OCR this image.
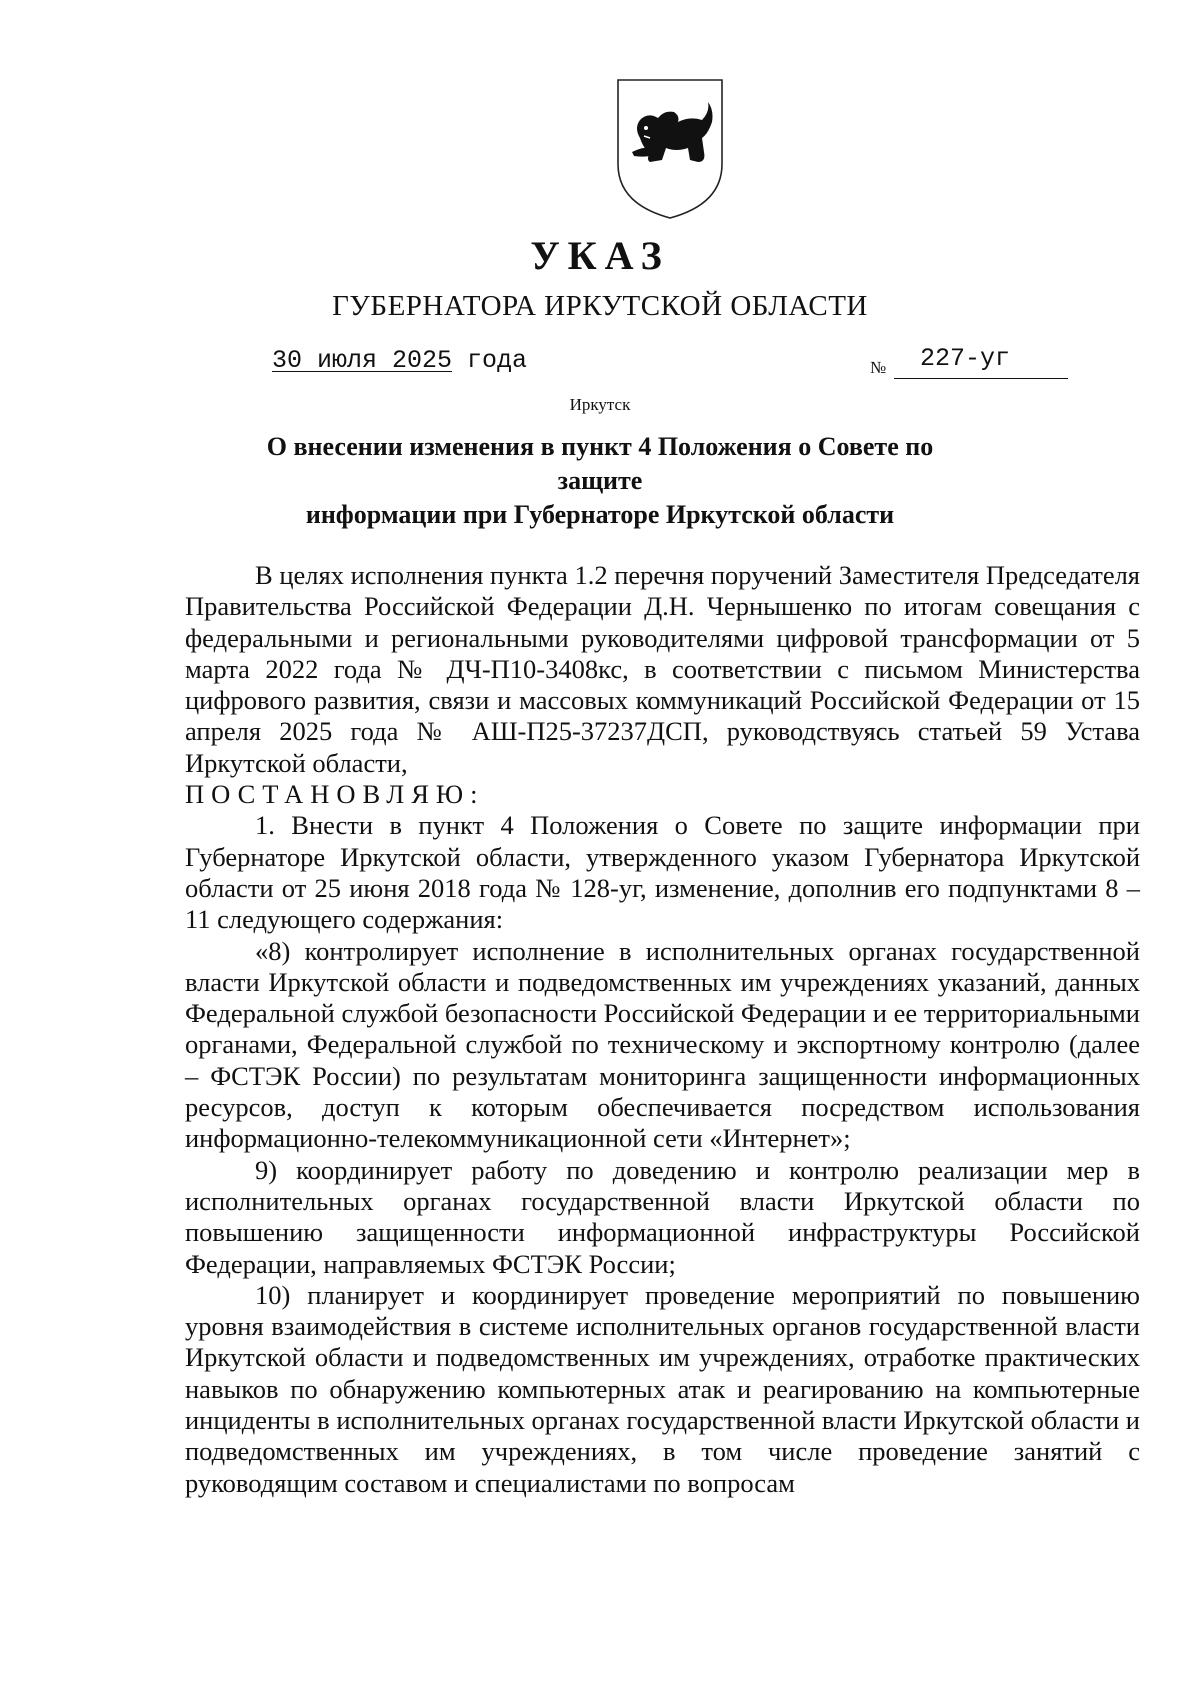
УКАЗ
ГУБЕРНАТОРА ИРКУТСКОЙ ОБЛАСТИ
30 июля 2025 года	№ 227-уг
Иркутск
О внесении изменения в пункт 4 Положения о Совете по защите
информации при Губернаторе Иркутской области

В целях исполнения пункта 1.2 перечня поручений Заместителя Председателя Правительства Российской Федерации Д.Н. Чернышенко по итогам совещания с федеральными и региональными руководителями цифровой трансформации от 5 марта 2022 года № ДЧ-П10-3408кс, в соответствии с письмом Министерства цифрового развития, связи и массовых коммуникаций Российской Федерации от 15 апреля 2025 года № АШ-П25-37237ДСП, руководствуясь статьей 59 Устава Иркутской области,

ПОСТАНОВЛЯЮ:

1. Внести в пункт 4 Положения о Совете по защите информации при Губернаторе Иркутской области, утвержденного указом Губернатора Иркутской области от 25 июня 2018 года № 128-уг, изменение, дополнив его подпунктами 8 – 11 следующего содержания:

«8) контролирует исполнение в исполнительных органах государственной власти Иркутской области и подведомственных им учреждениях указаний, данных Федеральной службой безопасности Российской Федерации и ее территориальными органами, Федеральной службой по техническому и экспортному контролю (далее – ФСТЭК России) по результатам мониторинга защищенности информационных ресурсов, доступ к которым обеспечивается посредством использования информационно-телекоммуникационной сети «Интернет»;

9) координирует работу по доведению и контролю реализации мер в исполнительных органах государственной власти Иркутской области по повышению защищенности информационной инфраструктуры Российской Федерации, направляемых ФСТЭК России;

10) планирует и координирует проведение мероприятий по повышению уровня взаимодействия в системе исполнительных органов государственной власти Иркутской области и подведомственных им учреждениях, отработке практических навыков по обнаружению компьютерных атак и реагированию на компьютерные инциденты в исполнительных органах государственной власти Иркутской области и подведомственных им учреждениях, в том числе проведение занятий с руководящим составом и специалистами по вопросам
